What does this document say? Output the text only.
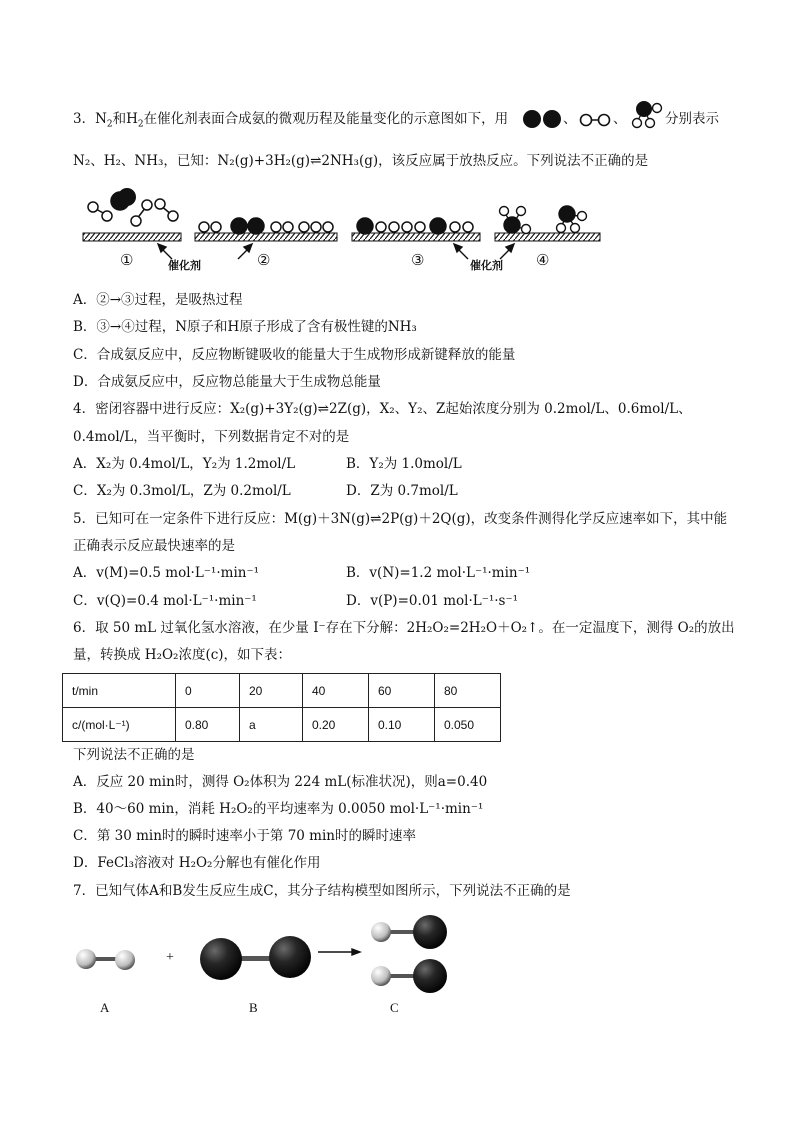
3．$N_2$和$H_2$在催化剂表面合成氨的微观历程及能量变化的示意图如下，用	、	、	分别表示
N₂、H₂、NH₃，已知：N₂(g)+3H₂(g)⇌2NH₃(g)，该反应属于放热反应。下列说法不正确的是
①	催化剂	②	③	催化剂 ④
A．②→③过程，是吸热过程
B．③→④过程，N原子和H原子形成了含有极性键的NH₃
C．合成氨反应中，反应物断键吸收的能量大于生成物形成新键释放的能量
D．合成氨反应中，反应物总能量大于生成物总能量
4．密闭容器中进行反应：X₂(g)+3Y₂(g)⇌2Z(g)，X₂、Y₂、Z起始浓度分别为 0.2mol/L、0.6mol/L、
0.4mol/L，当平衡时，下列数据肯定不对的是
A．X₂为 0.4mol/L，Y₂为 1.2mol/L	B．Y₂为 1.0mol/L
C．X₂为 0.3mol/L，Z为 0.2mol/L	D．Z为 0.7mol/L
5．已知可在一定条件下进行反应：M(g)＋3N(g)⇌2P(g)＋2Q(g)，改变条件测得化学反应速率如下，其中能
正确表示反应最快速率的是
A．v(M)=0.5 mol·L⁻¹·min⁻¹	B．v(N)=1.2 mol·L⁻¹·min⁻¹
C．v(Q)=0.4 mol·L⁻¹·min⁻¹	D．v(P)=0.01 mol·L⁻¹·s⁻¹
6．取 50 mL 过氧化氢水溶液，在少量 I⁻存在下分解：2H₂O₂=2H₂O＋O₂↑。在一定温度下，测得 O₂的放出
量，转换成 H₂O₂浓度(c)，如下表：
t/min	0	20	40	60	80
c/(mol·L⁻¹)	0.80	a	0.20	0.10	0.050
下列说法不正确的是
A．反应 20 min时，测得 O₂体积为 224 mL(标准状况)，则a=0.40
B．40～60 min，消耗 H₂O₂的平均速率为 0.0050 mol·L⁻¹·min⁻¹
C．第 30 min时的瞬时速率小于第 70 min时的瞬时速率
D．FeCl₃溶液对 H₂O₂分解也有催化作用
7．已知气体A和B发生反应生成C，其分子结构模型如图所示，下列说法不正确的是
+
A	B	C
